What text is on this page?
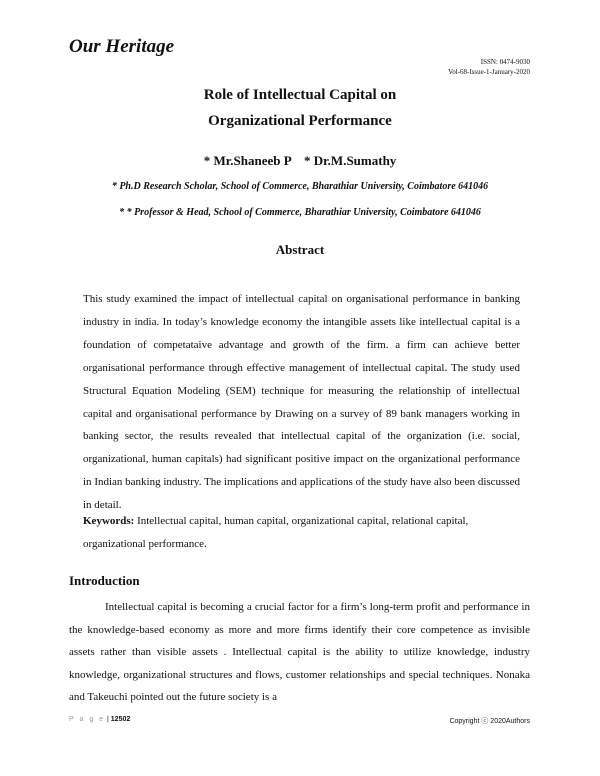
Our Heritage
ISSN: 0474-9030
Vol-68-Issue-1-January-2020
Role of Intellectual Capital on
Organizational Performance
* Mr.Shaneeb P    * Dr.M.Sumathy
* Ph.D Research Scholar, School of Commerce, Bharathiar University, Coimbatore 641046
* * Professor & Head, School of Commerce, Bharathiar University, Coimbatore 641046
Abstract

This study examined the impact of intellectual capital on organisational performance in banking industry in india. In today’s knowledge economy the intangible assets like intellectual capital is a foundation of competataive advantage and growth of the firm. a firm can achieve better organisational performance through effective management of intellectual capital. The study used Structural Equation Modeling (SEM) technique for measuring the relationship of intellectual capital and organisational performance by Drawing on a survey of 89 bank managers working in banking sector, the results revealed that intellectual capital of the organization (i.e. social, organizational, human capitals) had significant positive impact on the organizational performance in Indian banking industry. The implications and applications of the study have also been discussed in detail.

Keywords: Intellectual capital, human capital, organizational capital, relational capital, organizational performance.

Introduction

Intellectual capital is becoming a crucial factor for a firm’s long-term profit and performance in the knowledge-based economy as more and more firms identify their core competence as invisible assets rather than visible assets . Intellectual capital is the ability to utilize knowledge, industry knowledge, organizational structures and flows, customer relationships and special techniques. Nonaka and Takeuchi pointed out the future society is a

P a g e | 12502	Copyright ⓒ 2020Authors
